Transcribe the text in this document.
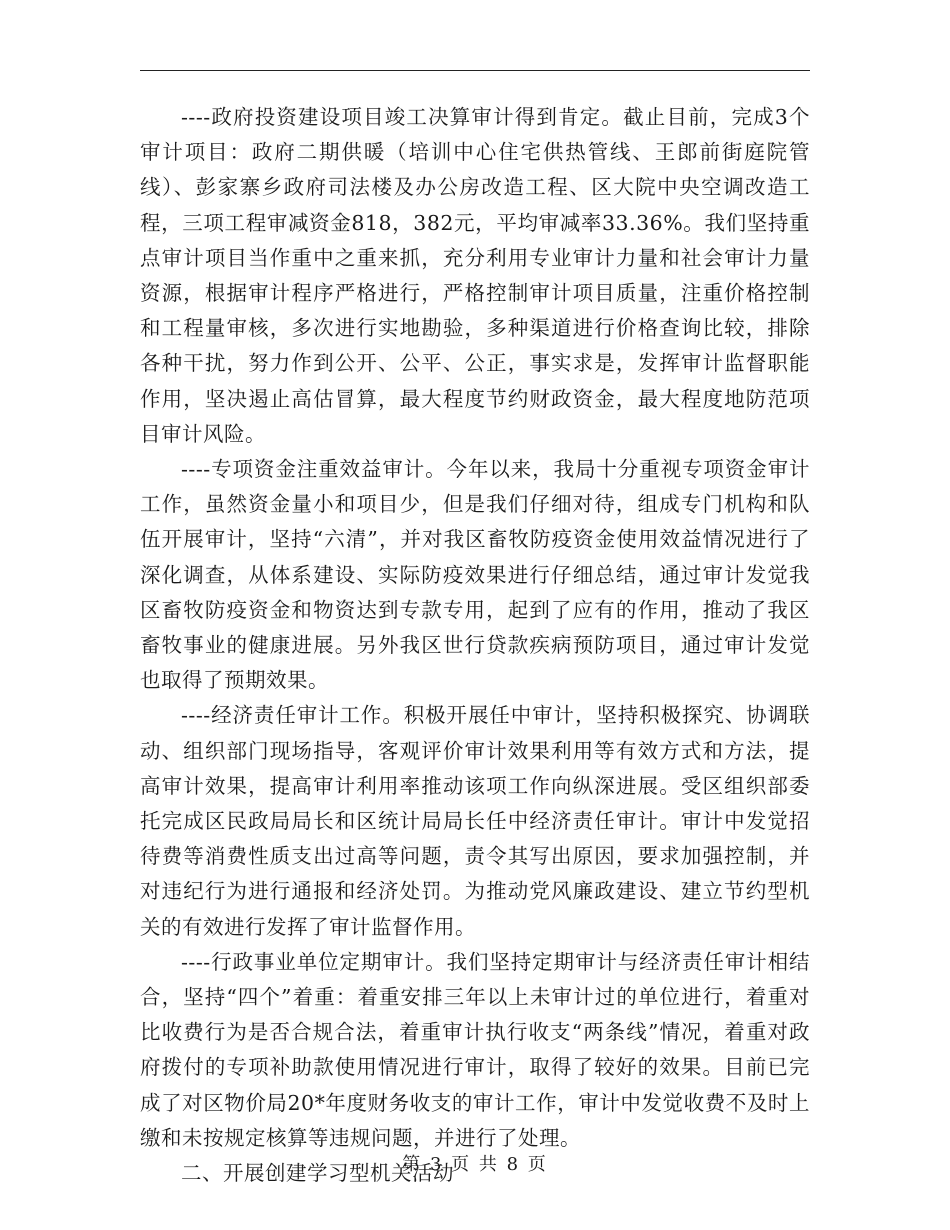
----政府投资建设项目竣工决算审计得到肯定。截止目前，完成3个审计项目：政府二期供暖（培训中心住宅供热管线、王郎前街庭院管线）、彭家寨乡政府司法楼及办公房改造工程、区大院中央空调改造工程，三项工程审减资金818，382元，平均审减率33.36%。我们坚持重点审计项目当作重中之重来抓，充分利用专业审计力量和社会审计力量资源，根据审计程序严格进行，严格控制审计项目质量，注重价格控制和工程量审核，多次进行实地勘验，多种渠道进行价格查询比较，排除各种干扰，努力作到公开、公平、公正，事实求是，发挥审计监督职能作用，坚决遏止高估冒算，最大程度节约财政资金，最大程度地防范项目审计风险。

----专项资金注重效益审计。今年以来，我局十分重视专项资金审计工作，虽然资金量小和项目少，但是我们仔细对待，组成专门机构和队伍开展审计，坚持“六清”，并对我区畜牧防疫资金使用效益情况进行了深化调查，从体系建设、实际防疫效果进行仔细总结，通过审计发觉我区畜牧防疫资金和物资达到专款专用，起到了应有的作用，推动了我区畜牧事业的健康进展。另外我区世行贷款疾病预防项目，通过审计发觉也取得了预期效果。

----经济责任审计工作。积极开展任中审计，坚持积极探究、协调联动、组织部门现场指导，客观评价审计效果利用等有效方式和方法，提高审计效果，提高审计利用率推动该项工作向纵深进展。受区组织部委托完成区民政局局长和区统计局局长任中经济责任审计。审计中发觉招待费等消费性质支出过高等问题，责令其写出原因，要求加强控制，并对违纪行为进行通报和经济处罚。为推动党风廉政建设、建立节约型机关的有效进行发挥了审计监督作用。

----行政事业单位定期审计。我们坚持定期审计与经济责任审计相结合，坚持“四个”着重：着重安排三年以上未审计过的单位进行，着重对比收费行为是否合规合法，着重审计执行收支“两条线”情况，着重对政府拨付的专项补助款使用情况进行审计，取得了较好的效果。目前已完成了对区物价局20*年度财务收支的审计工作，审计中发觉收费不及时上缴和未按规定核算等违规问题，并进行了处理。

二、开展创建学习型机关活动

第 3 页 共 8 页
